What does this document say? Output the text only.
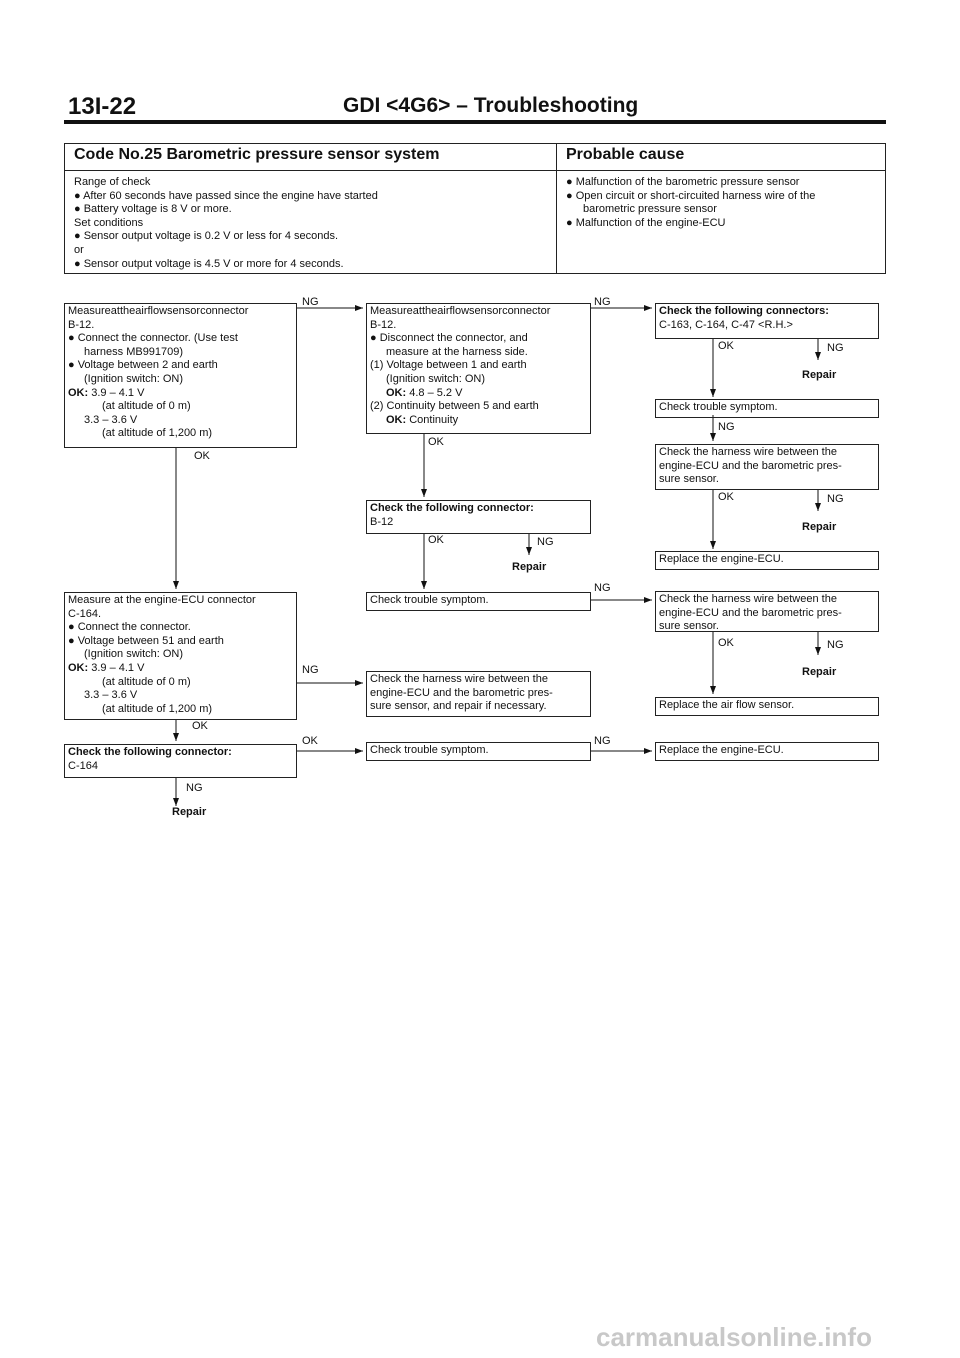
13I-22	GDI <4G6> – Troubleshooting
Code No.25 Barometric pressure sensor system	Probable cause
Range of check
● After 60 seconds have passed since the engine have started
● Battery voltage is 8 V or more.
Set conditions
● Sensor output voltage is 0.2 V or less for 4 seconds.
or
● Sensor output voltage is 4.5 V or more for 4 seconds.
● Malfunction of the barometric pressure sensor
● Open circuit or short-circuited harness wire of the
barometric pressure sensor
● Malfunction of the engine-ECU
Measureattheairflowsensorconnector
B-12.
● Connect the connector. (Use test
harness MB991709)
● Voltage between 2 and earth
(Ignition switch: ON)
OK: 3.9 – 4.1 V
(at altitude of 0 m)
3.3 – 3.6 V
(at altitude of 1,200 m)
Measure at the engine-ECU connector
C-164.
● Connect the connector.
● Voltage between 51 and earth
(Ignition switch: ON)
OK: 3.9 – 4.1 V
(at altitude of 0 m)
3.3 – 3.6 V
(at altitude of 1,200 m)
Check the following connector:
C-164
Measureattheairflowsensorconnector
B-12.
● Disconnect the connector, and
measure at the harness side.
(1) Voltage between 1 and earth
(Ignition switch: ON)
OK: 4.8 – 5.2 V
(2) Continuity between 5 and earth
OK: Continuity
Check the following connector:
B-12
Check trouble symptom.
Check the harness wire between the
engine-ECU and the barometric pres-
sure sensor, and repair if necessary.
Check trouble symptom.
Check the following connectors:
C-163, C-164, C-47 <R.H.>
Check trouble symptom.
Check the harness wire between the
engine-ECU and the barometric pres-
sure sensor.
Replace the engine-ECU.
Check the harness wire between the
engine-ECU and the barometric pres-
sure sensor.
Replace the air flow sensor.
Replace the engine-ECU.
NG
OK
NG
OK
OK
NG
Repair
NG
OK
OK	NG
Repair
NG
NG
OK	NG
Repair
NG
OK	NG
Repair
OK	NG
Repair
carmanualsonline.info
